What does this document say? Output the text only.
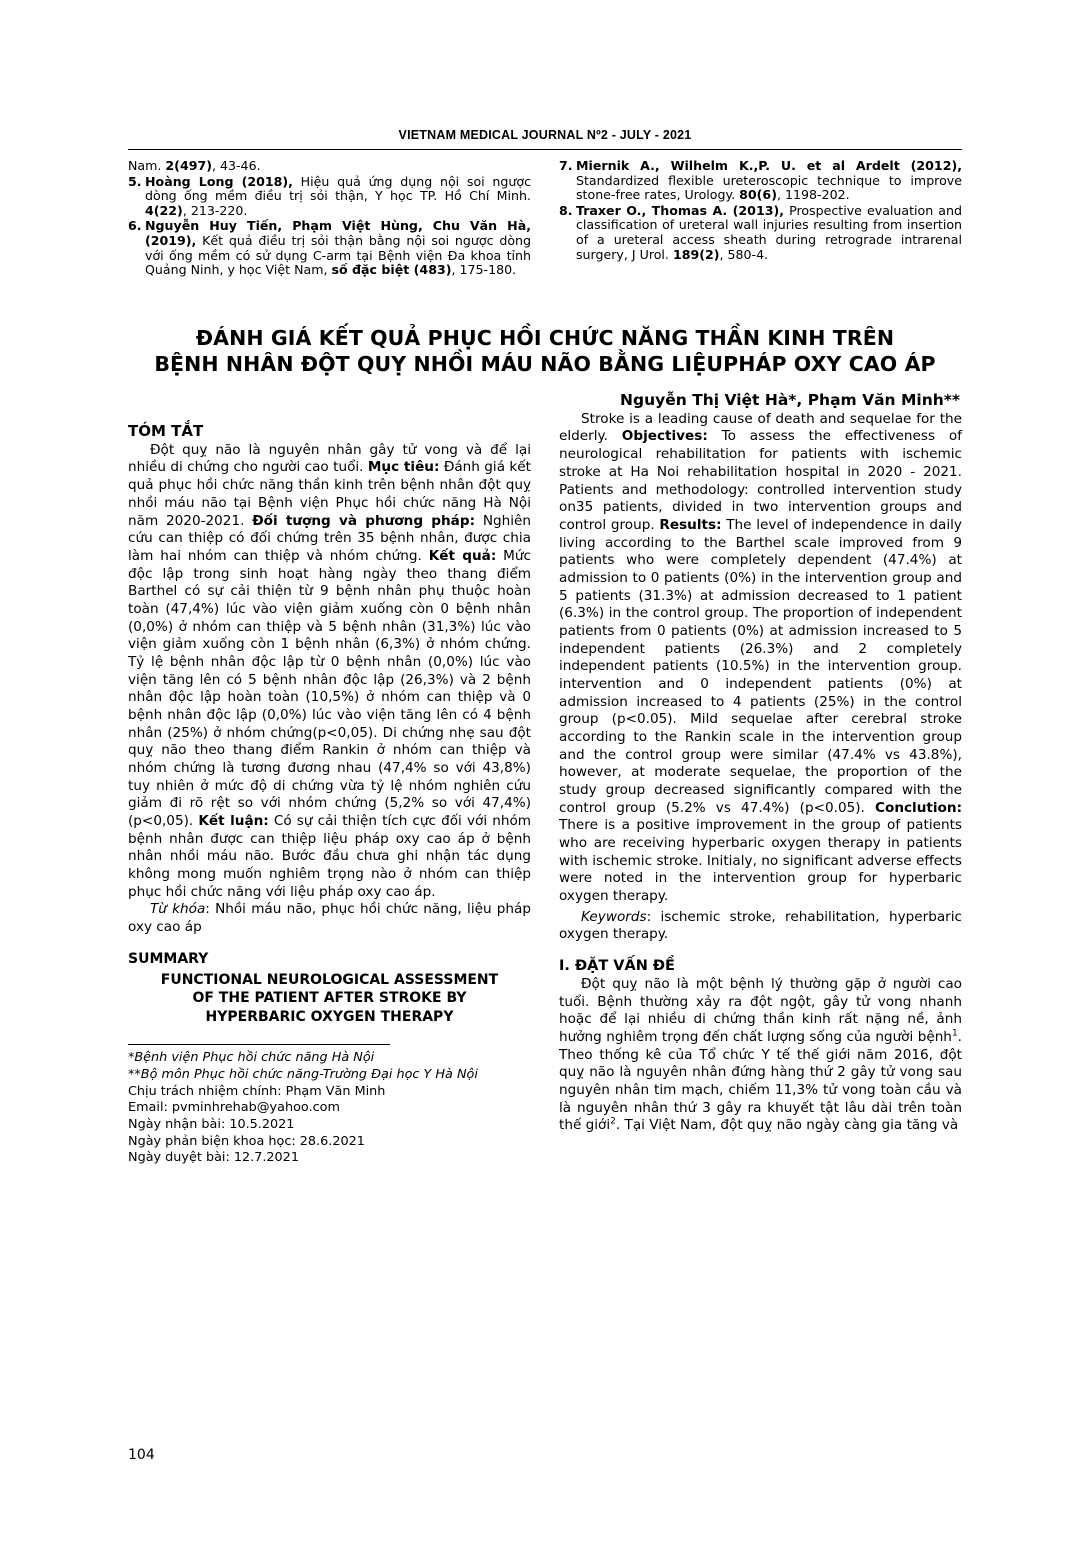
VIETNAM MEDICAL JOURNAL Nº2 - JULY - 2021
Nam. 2(497), 43-46.
5. Hoàng Long (2018), Hiệu quả ứng dụng nội soi ngược dòng ống mềm điều trị sỏi thận, Y học TP. Hồ Chí Minh. 4(22), 213-220.
6. Nguyễn Huy Tiến, Phạm Việt Hùng, Chu Văn Hà, (2019), Kết quả điều trị sỏi thận bằng nội soi ngược dòng với ống mềm có sử dụng C-arm tại Bệnh viện Đa khoa tỉnh Quảng Ninh, y học Việt Nam, số đặc biệt (483), 175-180.
7. Miernik A., Wilhelm K.,P. U. et al Ardelt (2012), Standardized flexible ureteroscopic technique to improve stone-free rates, Urology. 80(6), 1198-202.
8. Traxer O., Thomas A. (2013), Prospective evaluation and classification of ureteral wall injuries resulting from insertion of a ureteral access sheath during retrograde intrarenal surgery, J Urol. 189(2), 580-4.
ĐÁNH GIÁ KẾT QUẢ PHỤC HỒI CHỨC NĂNG THẦN KINH TRÊN
BỆNH NHÂN ĐỘT QUỴ NHỒI MÁU NÃO BẰNG LIỆUPHÁP OXY CAO ÁP
Nguyễn Thị Việt Hà*, Phạm Văn Minh**
TÓM TẮT
Đột quỵ não là nguyên nhân gây tử vong và để lại nhiều di chứng cho người cao tuổi. Mục tiêu: Đánh giá kết quả phục hồi chức năng thần kinh trên bệnh nhân đột quỵ nhồi máu não tại Bệnh viện Phục hồi chức năng Hà Nội năm 2020-2021. Đối tượng và phương pháp: Nghiên cứu can thiệp có đối chứng trên 35 bệnh nhân, được chia làm hai nhóm can thiệp và nhóm chứng. Kết quả: Mức độc lập trong sinh hoạt hàng ngày theo thang điểm Barthel có sự cải thiện từ 9 bệnh nhân phụ thuộc hoàn toàn (47,4%) lúc vào viện giảm xuống còn 0 bệnh nhân (0,0%) ở nhóm can thiệp và 5 bệnh nhân (31,3%) lúc vào viện giảm xuống còn 1 bệnh nhân (6,3%) ở nhóm chứng. Tỷ lệ bệnh nhân độc lập từ 0 bệnh nhân (0,0%) lúc vào viện tăng lên có 5 bệnh nhân độc lập (26,3%) và 2 bệnh nhân độc lập hoàn toàn (10,5%) ở nhóm can thiệp và 0 bệnh nhân độc lập (0,0%) lúc vào viện tăng lên có 4 bệnh nhân (25%) ở nhóm chứng(p<0,05). Di chứng nhẹ sau đột quỵ não theo thang điểm Rankin ở nhóm can thiệp và nhóm chứng là tương đương nhau (47,4% so với 43,8%) tuy nhiên ở mức độ di chứng vừa tỷ lệ nhóm nghiên cứu giảm đi rõ rệt so với nhóm chứng (5,2% so với 47,4%) (p<0,05). Kết luận: Có sự cải thiện tích cực đối với nhóm bệnh nhân được can thiệp liệu pháp oxy cao áp ở bệnh nhân nhồi máu não. Bước đầu chưa ghi nhận tác dụng không mong muốn nghiêm trọng nào ở nhóm can thiệp phục hồi chức năng với liệu pháp oxy cao áp.
Từ khóa: Nhồi máu não, phục hồi chức năng, liệu pháp oxy cao áp
SUMMARY
FUNCTIONAL NEUROLOGICAL ASSESSMENT
OF THE PATIENT AFTER STROKE BY
HYPERBARIC OXYGEN THERAPY
*Bệnh viện Phục hồi chức năng Hà Nội
**Bộ môn Phục hồi chức năng-Trường Đại học Y Hà Nội
Chịu trách nhiệm chính: Phạm Văn Minh
Email: pvminhrehab@yahoo.com
Ngày nhận bài: 10.5.2021
Ngày phản biện khoa học: 28.6.2021
Ngày duyệt bài: 12.7.2021
Stroke is a leading cause of death and sequelae for the elderly. Objectives: To assess the effectiveness of neurological rehabilitation for patients with ischemic stroke at Ha Noi rehabilitation hospital in 2020 - 2021. Patients and methodology: controlled intervention study on35 patients, divided in two intervention groups and control group. Results: The level of independence in daily living according to the Barthel scale improved from 9 patients who were completely dependent (47.4%) at admission to 0 patients (0%) in the intervention group and 5 patients (31.3%) at admission decreased to 1 patient (6.3%) in the control group. The proportion of independent patients from 0 patients (0%) at admission increased to 5 independent patients (26.3%) and 2 completely independent patients (10.5%) in the intervention group. intervention and 0 independent patients (0%) at admission increased to 4 patients (25%) in the control group (p<0.05). Mild sequelae after cerebral stroke according to the Rankin scale in the intervention group and the control group were similar (47.4% vs 43.8%), however, at moderate sequelae, the proportion of the study group decreased significantly compared with the control group (5.2% vs 47.4%) (p<0.05). Conclution: There is a positive improvement in the group of patients who are receiving hyperbaric oxygen therapy in patients with ischemic stroke. Initialy, no significant adverse effects were noted in the intervention group for hyperbaric oxygen therapy.
Keywords: ischemic stroke, rehabilitation, hyperbaric oxygen therapy.
I. ĐẶT VẤN ĐỀ
Đột quỵ não là một bệnh lý thường gặp ở người cao tuổi. Bệnh thường xảy ra đột ngột, gây tử vong nhanh hoặc để lại nhiều di chứng thần kinh rất nặng nề, ảnh hưởng nghiêm trọng đến chất lượng sống của người bệnh$^1$. Theo thống kê của Tổ chức Y tế thế giới năm 2016, đột quỵ não là nguyên nhân đứng hàng thứ 2 gây tử vong sau nguyên nhân tim mạch, chiếm 11,3% tử vong toàn cầu và là nguyên nhân thứ 3 gây ra khuyết tật lâu dài trên toàn thế giới$^2$. Tại Việt Nam, đột quỵ não ngày càng gia tăng và
104
